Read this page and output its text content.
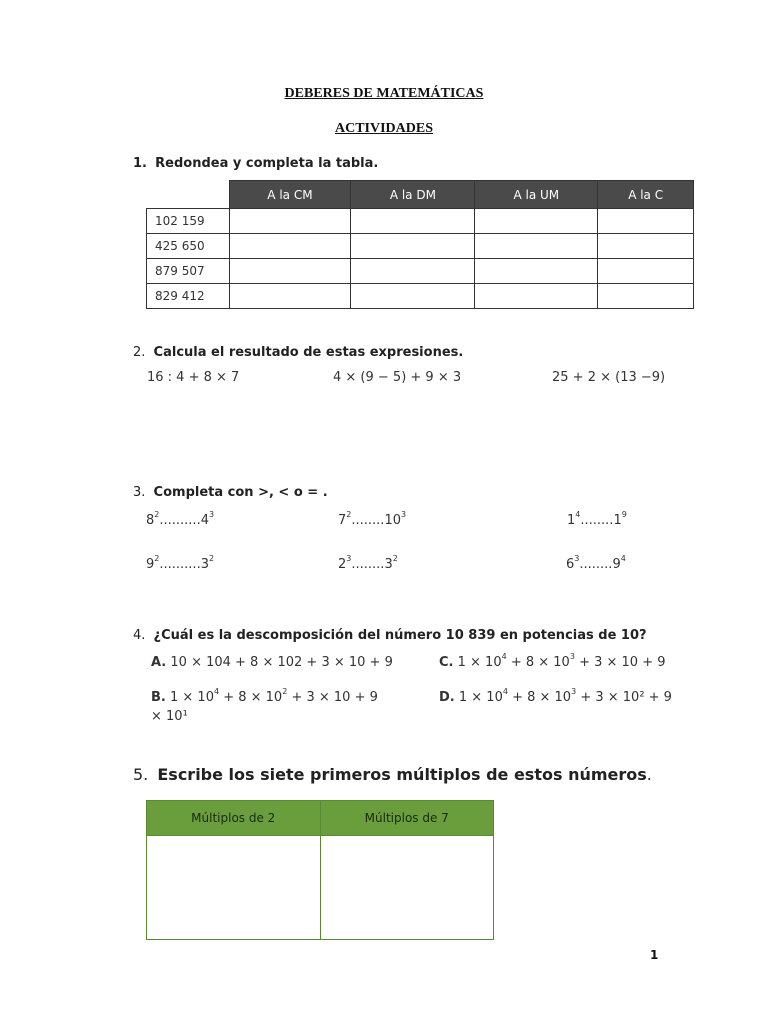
DEBERES DE MATEMÁTICAS
ACTIVIDADES
1. Redondea y completa la tabla.
	A la CM	A la DM	A la UM	A la C
102 159				
425 650				
879 507				
829 412				
2. Calcula el resultado de estas expresiones.
16 : 4 + 8 × 7	4 × (9 − 5) + 9 × 3	25 + 2 × (13 −9)
3. Completa con >, < o = .
$8^2..........4^3$	$7^2........10^3$	$1^4........1^9$
$9^2..........3^2$	$2^3........3^2$	$6^3........9^4$
4. ¿Cuál es la descomposición del número 10 839 en potencias de 10?
A. 10 × 104 + 8 × 102 + 3 × 10 + 9	C. $1 \times 10^4 + 8 \times 10^3 + 3 \times 10 + 9$
B. $1 \times 10^4 + 8 \times 10^2 + 3 \times 10 + 9$
× 10¹
D. $1 \times 10^4 + 8 \times 10^3 + 3 \times 10^2 + 9$
5. Escribe los siete primeros múltiplos de estos números.
Múltiplos de 2	Múltiplos de 7

1
